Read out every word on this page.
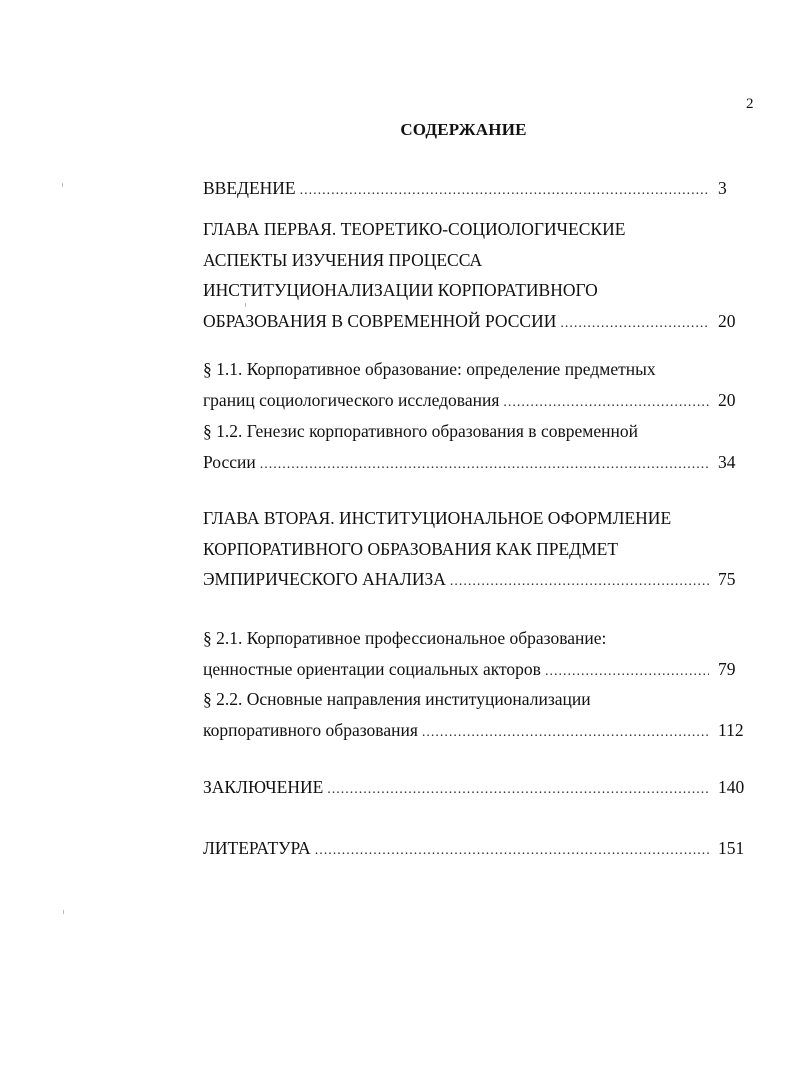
2
СОДЕРЖАНИЕ
ВВЕДЕНИЕ .....	3
ГЛАВА ПЕРВАЯ. ТЕОРЕТИКО-СОЦИОЛОГИЧЕСКИЕ
АСПЕКТЫ ИЗУЧЕНИЯ ПРОЦЕССА
ИНСТИТУЦИОНАЛИЗАЦИИ КОРПОРАТИВНОГО
ОБРАЗОВАНИЯ В СОВРЕМЕННОЙ РОССИИ .....	20
§ 1.1. Корпоративное образование: определение предметных
границ социологического исследования .....	20
§ 1.2. Генезис корпоративного образования в современной
России .....	34
ГЛАВА ВТОРАЯ. ИНСТИТУЦИОНАЛЬНОЕ ОФОРМЛЕНИЕ
КОРПОРАТИВНОГО ОБРАЗОВАНИЯ КАК ПРЕДМЕТ
ЭМПИРИЧЕСКОГО АНАЛИЗА .....	75
§ 2.1. Корпоративное профессиональное образование:
ценностные ориентации социальных акторов .....	79
§ 2.2. Основные направления институционализации
корпоративного образования .....	112
ЗАКЛЮЧЕНИЕ .....	140
ЛИТЕРАТУРА .....	151
